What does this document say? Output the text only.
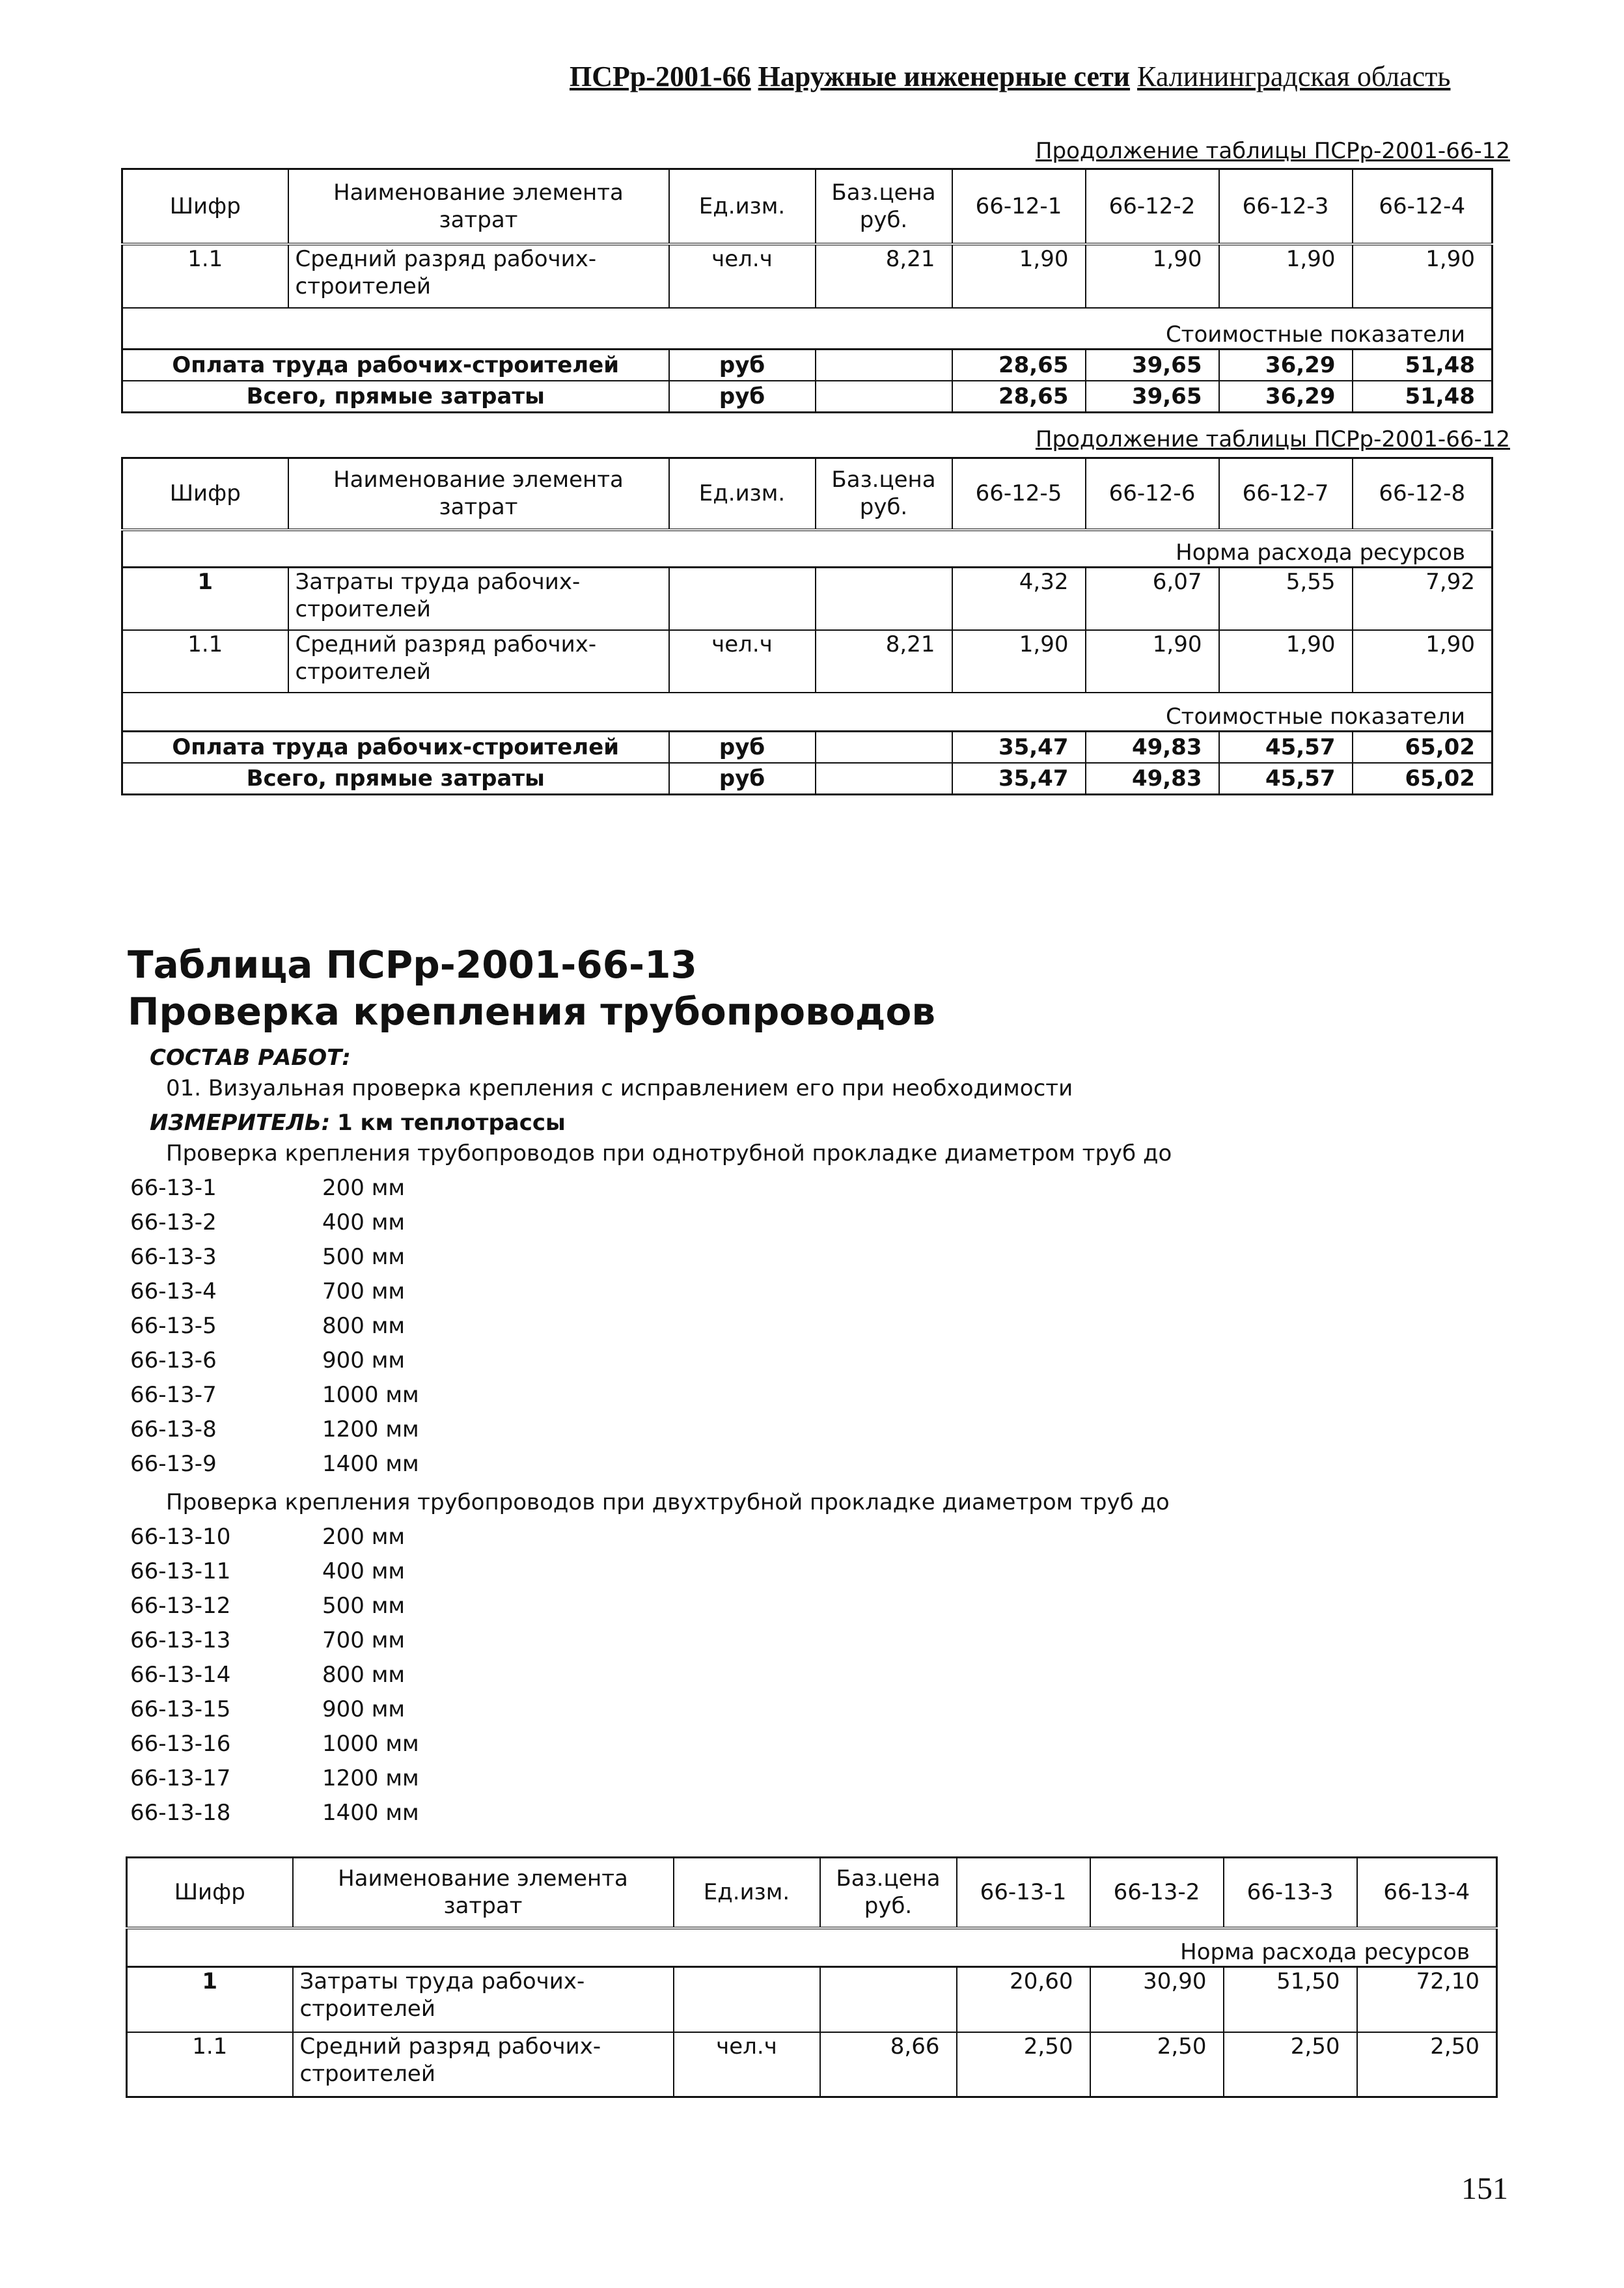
ПСРр-2001-66 Наружные инженерные сети Калининградская область
Продолжение таблицы ПСРр-2001-66-12
Шифр	Наименование элемента затрат	Ед.изм.	Баз.цена руб.	66-12-1	66-12-2	66-12-3	66-12-4
1.1	Средний разряд рабочих-строителей	чел.ч	8,21	1,90	1,90	1,90	1,90
Стоимостные показатели							
Оплата труда рабочих-строителей		руб		28,65	39,65	36,29	51,48
Всего, прямые затраты		руб		28,65	39,65	36,29	51,48
Продолжение таблицы ПСРр-2001-66-12
Шифр	Наименование элемента затрат	Ед.изм.	Баз.цена руб.	66-12-5	66-12-6	66-12-7	66-12-8
Норма расхода ресурсов							
1	Затраты труда рабочих-строителей			4,32	6,07	5,55	7,92
1.1	Средний разряд рабочих-строителей	чел.ч	8,21	1,90	1,90	1,90	1,90
Стоимостные показатели							
Оплата труда рабочих-строителей		руб		35,47	49,83	45,57	65,02
Всего, прямые затраты		руб		35,47	49,83	45,57	65,02
Таблица ПСРр-2001-66-13
Проверка крепления трубопроводов
СОСТАВ РАБОТ:
01. Визуальная проверка крепления с исправлением его при необходимости
ИЗМЕРИТЕЛЬ: 1 км теплотрассы
Проверка крепления трубопроводов при однотрубной прокладке диаметром труб до
66-13-1	200 мм
66-13-2	400 мм
66-13-3	500 мм
66-13-4	700 мм
66-13-5	800 мм
66-13-6	900 мм
66-13-7	1000 мм
66-13-8	1200 мм
66-13-9	1400 мм
Проверка крепления трубопроводов при двухтрубной прокладке диаметром труб до
66-13-10	200 мм
66-13-11	400 мм
66-13-12	500 мм
66-13-13	700 мм
66-13-14	800 мм
66-13-15	900 мм
66-13-16	1000 мм
66-13-17	1200 мм
66-13-18	1400 мм
Шифр	Наименование элемента затрат	Ед.изм.	Баз.цена руб.	66-13-1	66-13-2	66-13-3	66-13-4
Норма расхода ресурсов							
1	Затраты труда рабочих-строителей			20,60	30,90	51,50	72,10
1.1	Средний разряд рабочих-строителей	чел.ч	8,66	2,50	2,50	2,50	2,50
151
